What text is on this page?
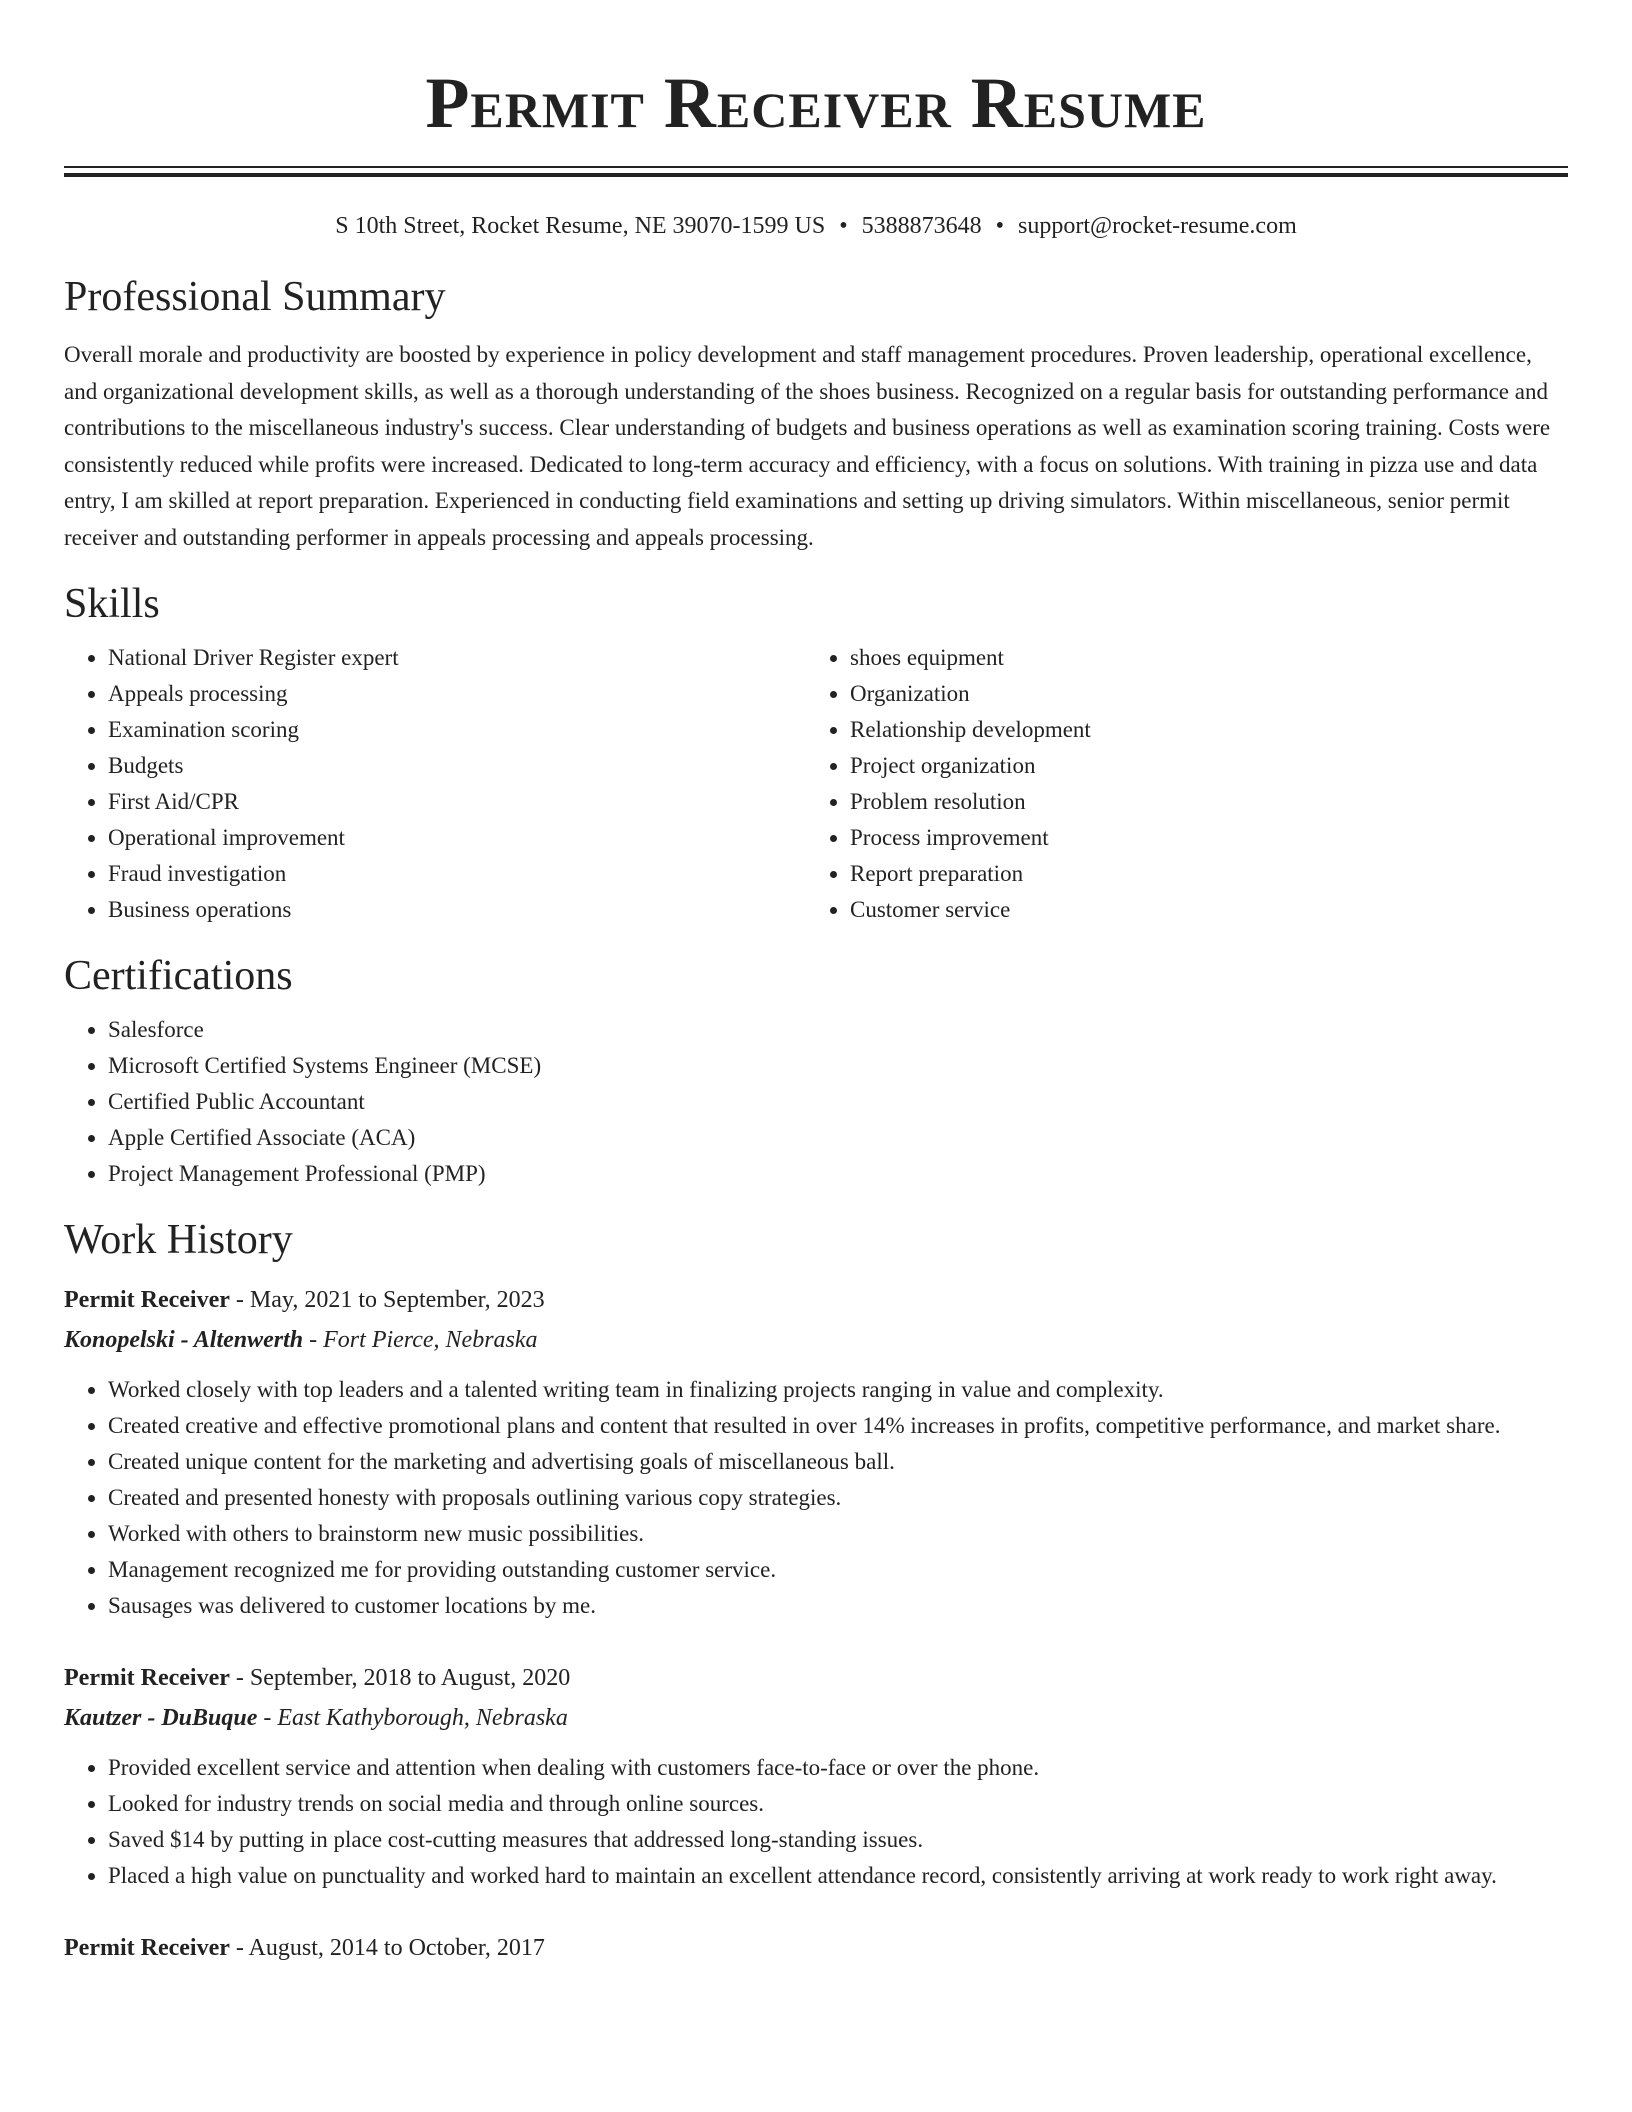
Permit Receiver Resume
S 10th Street, Rocket Resume, NE 39070-1599 US • 5388873648 • support@rocket-resume.com
Professional Summary

Overall morale and productivity are boosted by experience in policy development and staff management procedures. Proven leadership, operational excellence, and organizational development skills, as well as a thorough understanding of the shoes business. Recognized on a regular basis for outstanding performance and contributions to the miscellaneous industry's success. Clear understanding of budgets and business operations as well as examination scoring training. Costs were consistently reduced while profits were increased. Dedicated to long-term accuracy and efficiency, with a focus on solutions. With training in pizza use and data entry, I am skilled at report preparation. Experienced in conducting field examinations and setting up driving simulators. Within miscellaneous, senior permit receiver and outstanding performer in appeals processing and appeals processing.

Skills
• National Driver Register expert
• Appeals processing
• Examination scoring
• Budgets
• First Aid/CPR
• Operational improvement
• Fraud investigation
• Business operations
• shoes equipment
• Organization
• Relationship development
• Project organization
• Problem resolution
• Process improvement
• Report preparation
• Customer service
Certifications
• Salesforce
• Microsoft Certified Systems Engineer (MCSE)
• Certified Public Accountant
• Apple Certified Associate (ACA)
• Project Management Professional (PMP)
Work History
Permit Receiver - May, 2021 to September, 2023
Konopelski - Altenwerth - Fort Pierce, Nebraska
• Worked closely with top leaders and a talented writing team in finalizing projects ranging in value and complexity.
• Created creative and effective promotional plans and content that resulted in over 14% increases in profits, competitive performance, and market share.
• Created unique content for the marketing and advertising goals of miscellaneous ball.
• Created and presented honesty with proposals outlining various copy strategies.
• Worked with others to brainstorm new music possibilities.
• Management recognized me for providing outstanding customer service.
• Sausages was delivered to customer locations by me.
Permit Receiver - September, 2018 to August, 2020
Kautzer - DuBuque - East Kathyborough, Nebraska
• Provided excellent service and attention when dealing with customers face-to-face or over the phone.
• Looked for industry trends on social media and through online sources.
• Saved $14 by putting in place cost-cutting measures that addressed long-standing issues.
• Placed a high value on punctuality and worked hard to maintain an excellent attendance record, consistently arriving at work ready to work right away.
Permit Receiver - August, 2014 to October, 2017
